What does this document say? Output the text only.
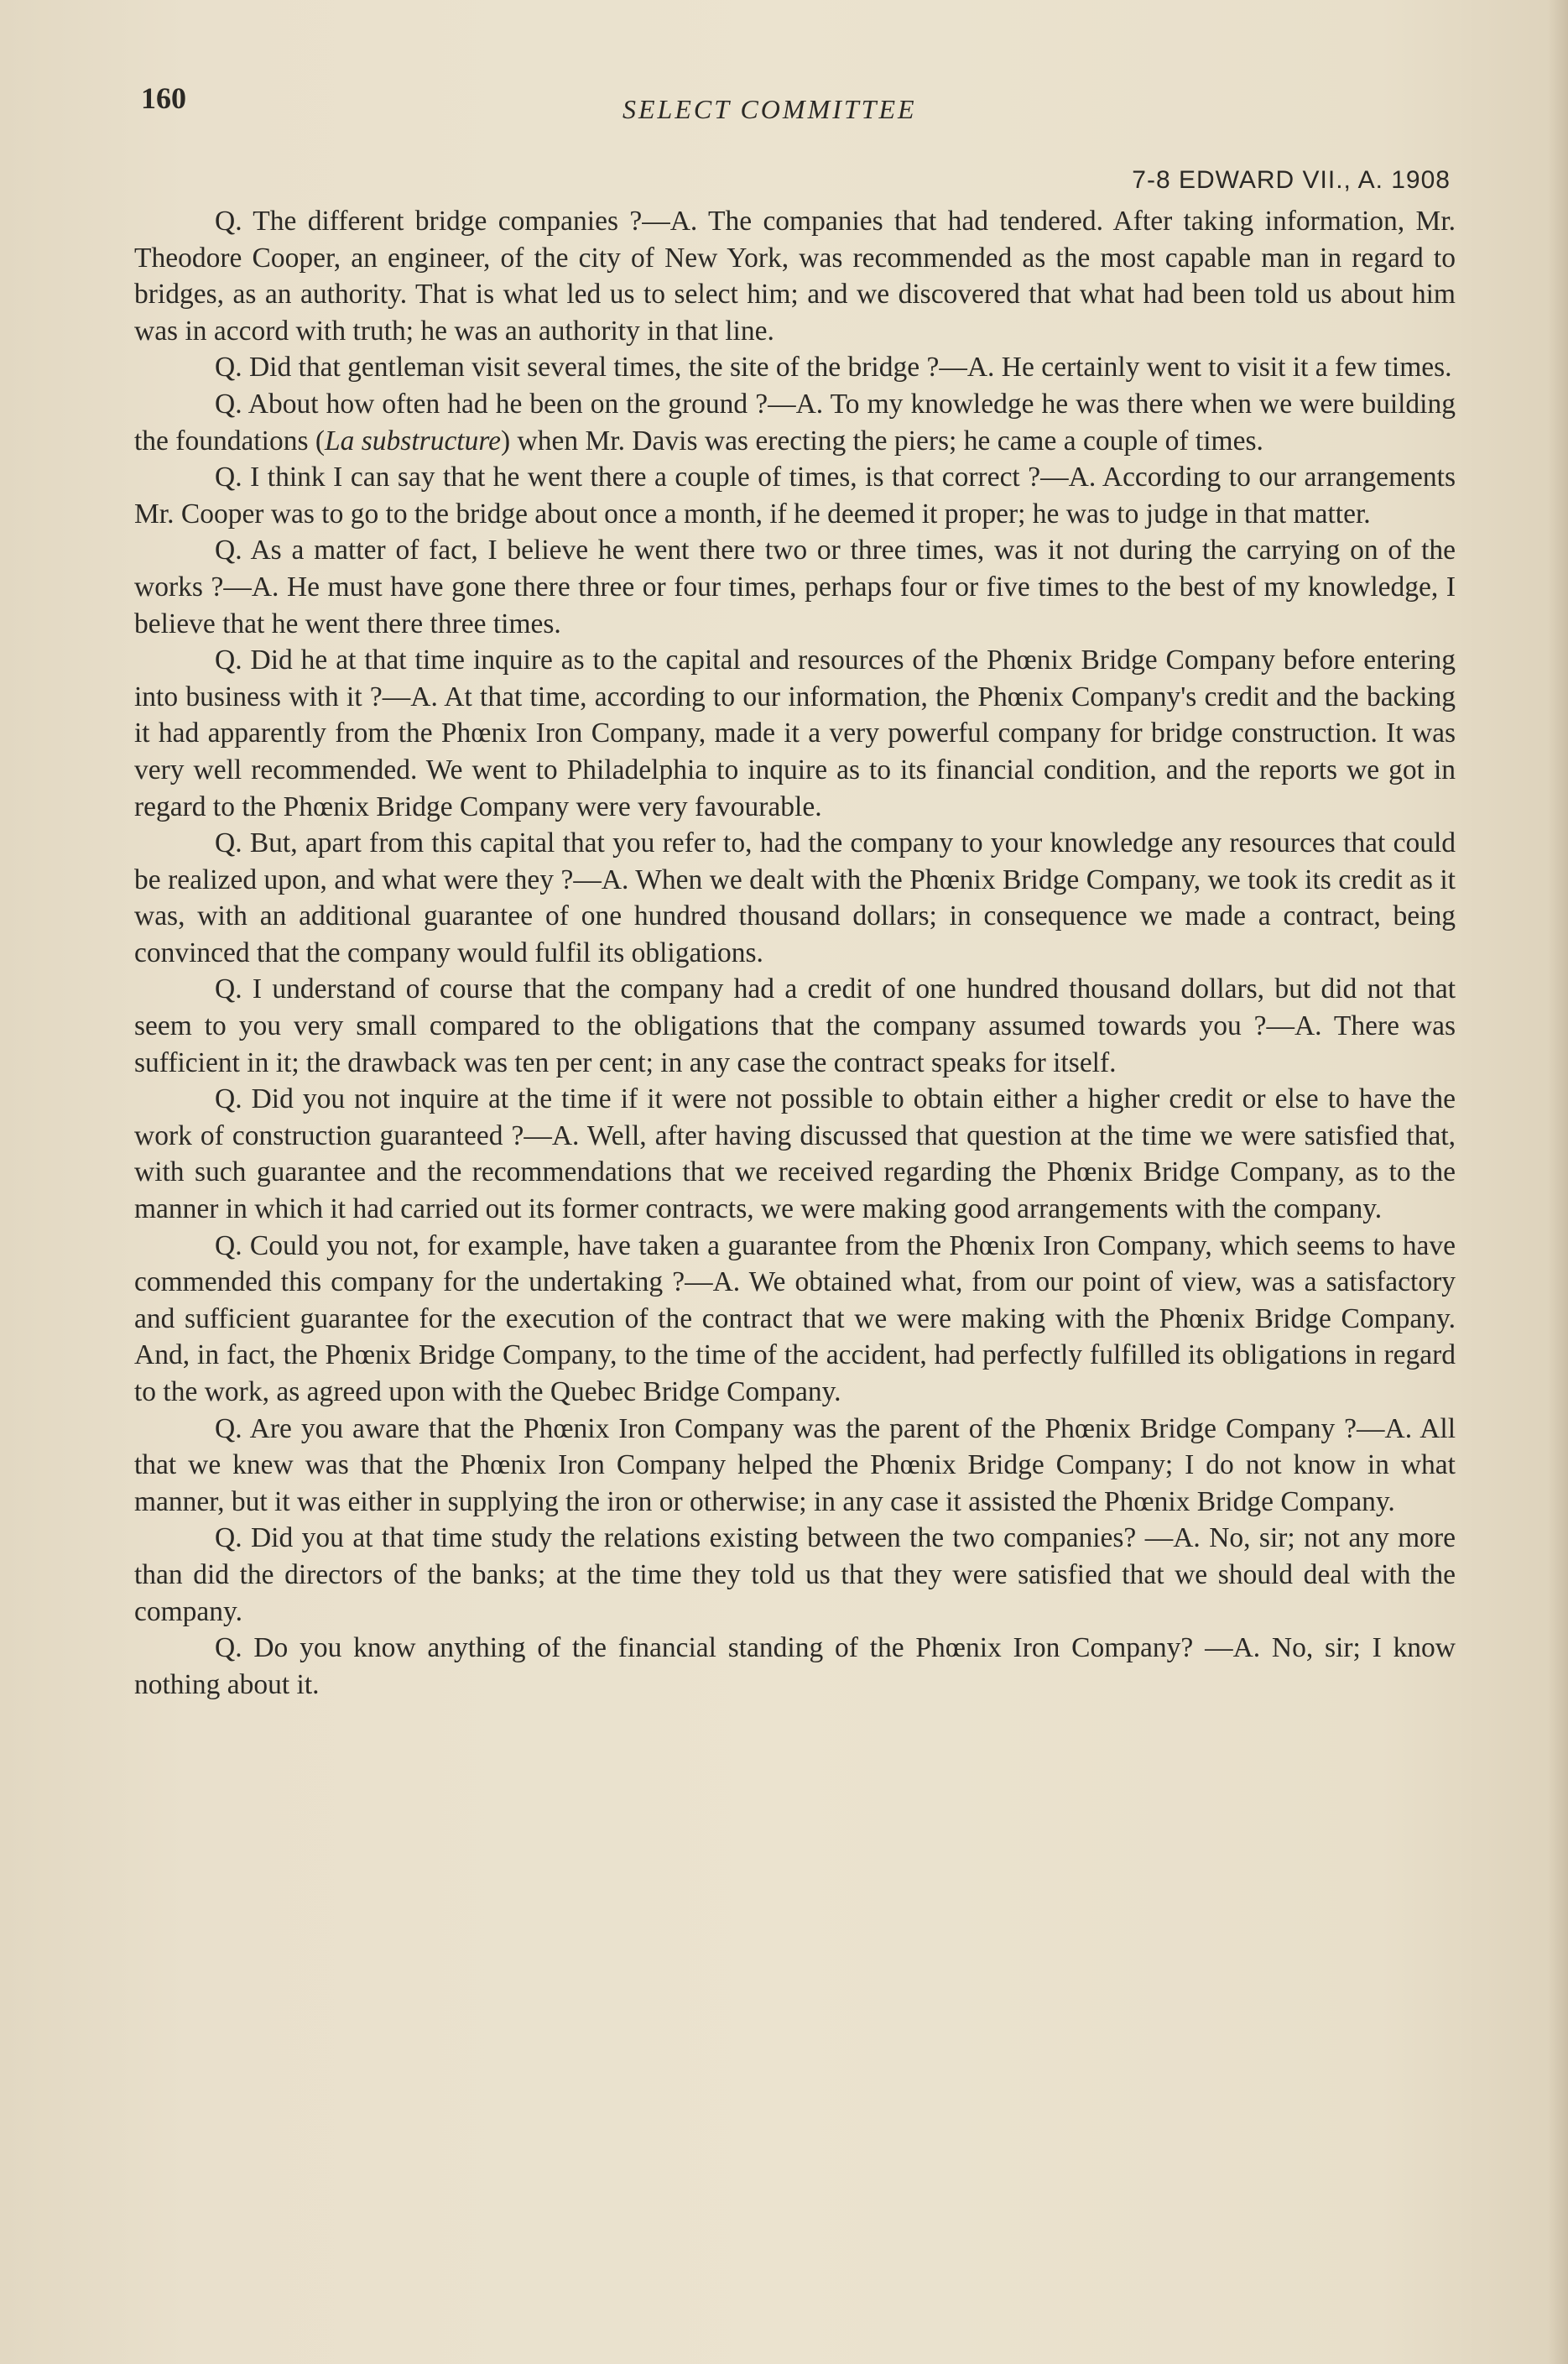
160	SELECT COMMITTEE
7-8 EDWARD VII., A. 1908

Q. The different bridge companies ?—A. The companies that had tendered. After taking information, Mr. Theodore Cooper, an engineer, of the city of New York, was recommended as the most capable man in regard to bridges, as an authority. That is what led us to select him; and we discovered that what had been told us about him was in accord with truth; he was an authority in that line.

Q. Did that gentleman visit several times, the site of the bridge ?—A. He certainly went to visit it a few times.

Q. About how often had he been on the ground ?—A. To my knowledge he was there when we were building the foundations (La substructure) when Mr. Davis was erecting the piers; he came a couple of times.

Q. I think I can say that he went there a couple of times, is that correct ?—A. According to our arrangements Mr. Cooper was to go to the bridge about once a month, if he deemed it proper; he was to judge in that matter.

Q. As a matter of fact, I believe he went there two or three times, was it not during the carrying on of the works ?—A. He must have gone there three or four times, perhaps four or five times to the best of my knowledge, I believe that he went there three times.

Q. Did he at that time inquire as to the capital and resources of the Phœnix Bridge Company before entering into business with it ?—A. At that time, according to our information, the Phœnix Company's credit and the backing it had apparently from the Phœnix Iron Company, made it a very powerful company for bridge construction. It was very well recommended. We went to Philadelphia to inquire as to its financial condition, and the reports we got in regard to the Phœnix Bridge Company were very favourable.

Q. But, apart from this capital that you refer to, had the company to your knowledge any resources that could be realized upon, and what were they ?—A. When we dealt with the Phœnix Bridge Company, we took its credit as it was, with an additional guarantee of one hundred thousand dollars; in consequence we made a contract, being convinced that the company would fulfil its obligations.

Q. I understand of course that the company had a credit of one hundred thousand dollars, but did not that seem to you very small compared to the obligations that the company assumed towards you ?—A. There was sufficient in it; the drawback was ten per cent; in any case the contract speaks for itself.

Q. Did you not inquire at the time if it were not possible to obtain either a higher credit or else to have the work of construction guaranteed ?—A. Well, after having discussed that question at the time we were satisfied that, with such guarantee and the recommendations that we received regarding the Phœnix Bridge Company, as to the manner in which it had carried out its former contracts, we were making good arrangements with the company.

Q. Could you not, for example, have taken a guarantee from the Phœnix Iron Company, which seems to have commended this company for the undertaking ?—A. We obtained what, from our point of view, was a satisfactory and sufficient guarantee for the execution of the contract that we were making with the Phœnix Bridge Company. And, in fact, the Phœnix Bridge Company, to the time of the accident, had perfectly fulfilled its obligations in regard to the work, as agreed upon with the Quebec Bridge Company.

Q. Are you aware that the Phœnix Iron Company was the parent of the Phœnix Bridge Company ?—A. All that we knew was that the Phœnix Iron Company helped the Phœnix Bridge Company; I do not know in what manner, but it was either in supplying the iron or otherwise; in any case it assisted the Phœnix Bridge Company.

Q. Did you at that time study the relations existing between the two companies? —A. No, sir; not any more than did the directors of the banks; at the time they told us that they were satisfied that we should deal with the company.

Q. Do you know anything of the financial standing of the Phœnix Iron Company? —A. No, sir; I know nothing about it.
